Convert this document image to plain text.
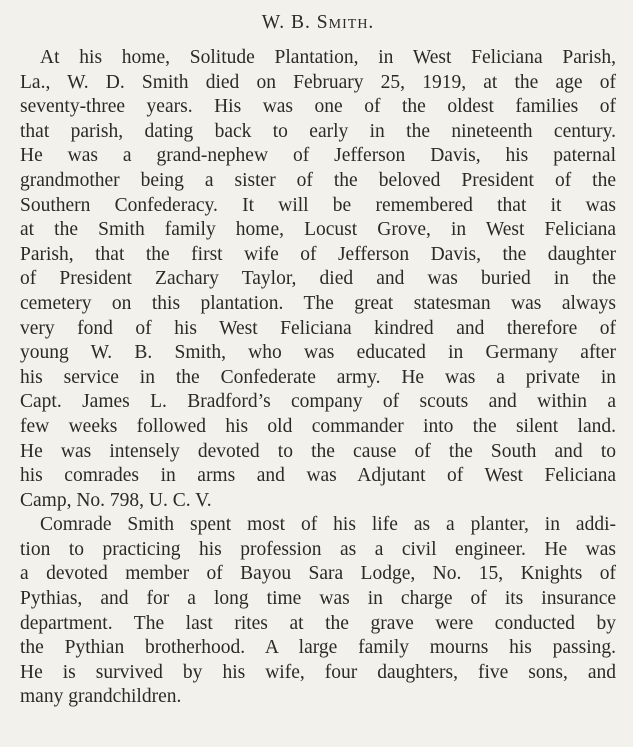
W. B. Smith.
At his home, Solitude Plantation, in West Feliciana Parish,
La., W. D. Smith died on February 25, 1919, at the age of
seventy-three years. His was one of the oldest families of
that parish, dating back to early in the nineteenth century.
He was a grand-nephew of Jefferson Davis, his paternal
grandmother being a sister of the beloved President of the
Southern Confederacy. It will be remembered that it was
at the Smith family home, Locust Grove, in West Feliciana
Parish, that the first wife of Jefferson Davis, the daughter
of President Zachary Taylor, died and was buried in the
cemetery on this plantation. The great statesman was always
very fond of his West Feliciana kindred and therefore of
young W. B. Smith, who was educated in Germany after
his service in the Confederate army. He was a private in
Capt. James L. Bradford’s company of scouts and within a
few weeks followed his old commander into the silent land.
He was intensely devoted to the cause of the South and to
his comrades in arms and was Adjutant of West Feliciana
Camp, No. 798, U. C. V.
Comrade Smith spent most of his life as a planter, in addi-
tion to practicing his profession as a civil engineer. He was
a devoted member of Bayou Sara Lodge, No. 15, Knights of
Pythias, and for a long time was in charge of its insurance
department. The last rites at the grave were conducted by
the Pythian brotherhood. A large family mourns his passing.
He is survived by his wife, four daughters, five sons, and
many grandchildren.
